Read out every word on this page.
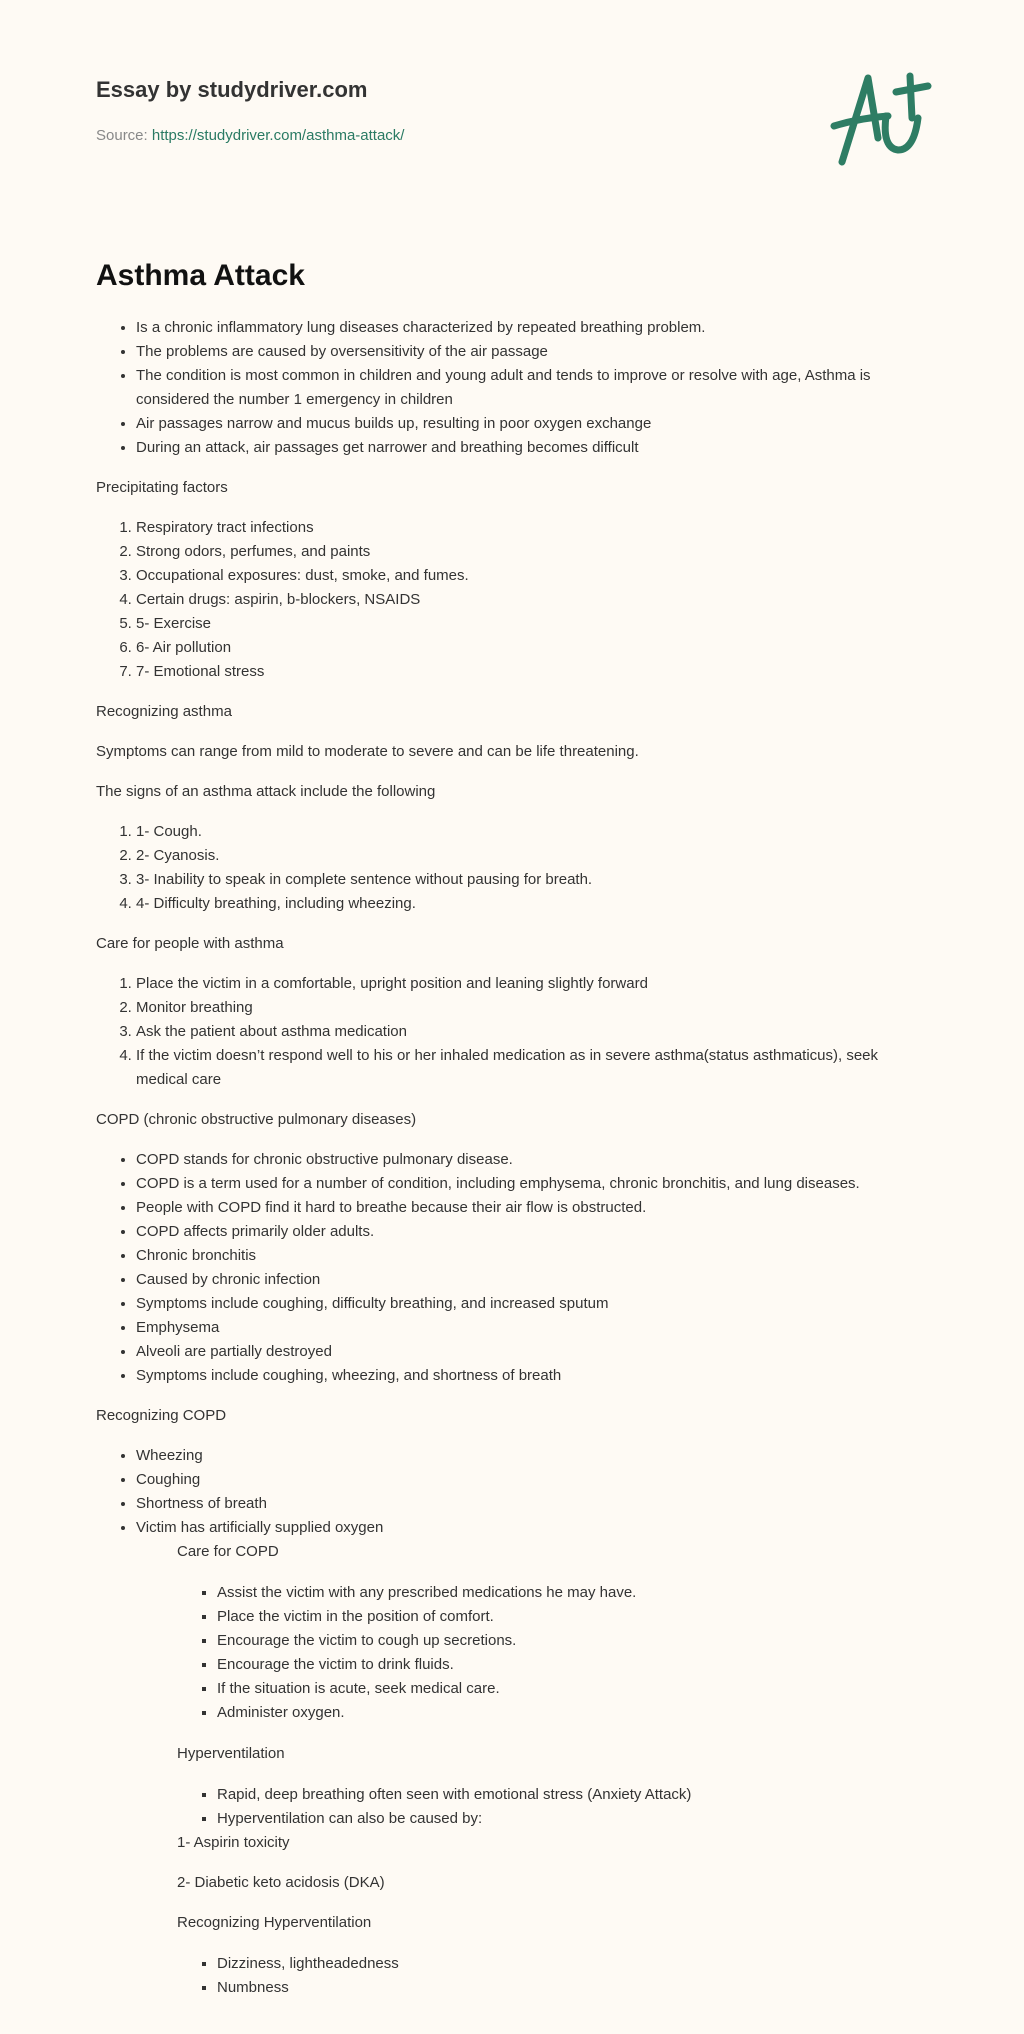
Essay by studydriver.com

Source: https://studydriver.com/asthma-attack/

Asthma Attack
• Is a chronic inflammatory lung diseases characterized by repeated breathing problem.
• The problems are caused by oversensitivity of the air passage
• The condition is most common in children and young adult and tends to improve or resolve with age, Asthma is considered the number 1 emergency in children
• Air passages narrow and mucus builds up, resulting in poor oxygen exchange
• During an attack, air passages get narrower and breathing becomes difficult

Precipitating factors

1. Respiratory tract infections
2. Strong odors, perfumes, and paints
3. Occupational exposures: dust, smoke, and fumes.
4. Certain drugs: aspirin, b-blockers, NSAIDS
5. 5- Exercise
6. 6- Air pollution
7. 7- Emotional stress

Recognizing asthma

Symptoms can range from mild to moderate to severe and can be life threatening.

The signs of an asthma attack include the following

1. 1- Cough.
2. 2- Cyanosis.
3. 3- Inability to speak in complete sentence without pausing for breath.
4. 4- Difficulty breathing, including wheezing.

Care for people with asthma

1. Place the victim in a comfortable, upright position and leaning slightly forward
2. Monitor breathing
3. Ask the patient about asthma medication
4. If the victim doesn’t respond well to his or her inhaled medication as in severe asthma(status asthmaticus), seek medical care

COPD (chronic obstructive pulmonary diseases)

• COPD stands for chronic obstructive pulmonary disease.
• COPD is a term used for a number of condition, including emphysema, chronic bronchitis, and lung diseases.
• People with COPD find it hard to breathe because their air flow is obstructed.
• COPD affects primarily older adults.
• Chronic bronchitis
• Caused by chronic infection
• Symptoms include coughing, difficulty breathing, and increased sputum
• Emphysema
• Alveoli are partially destroyed
• Symptoms include coughing, wheezing, and shortness of breath

Recognizing COPD

• Wheezing
• Coughing
• Shortness of breath
• Victim has artificially supplied oxygen

Care for COPD

▪ Assist the victim with any prescribed medications he may have.
▪ Place the victim in the position of comfort.
▪ Encourage the victim to cough up secretions.
▪ Encourage the victim to drink fluids.
▪ If the situation is acute, seek medical care.
▪ Administer oxygen.

Hyperventilation

▪ Rapid, deep breathing often seen with emotional stress (Anxiety Attack)
▪ Hyperventilation can also be caused by:

1- Aspirin toxicity

2- Diabetic keto acidosis (DKA)

Recognizing Hyperventilation

▪ Dizziness, lightheadedness
▪ Numbness
